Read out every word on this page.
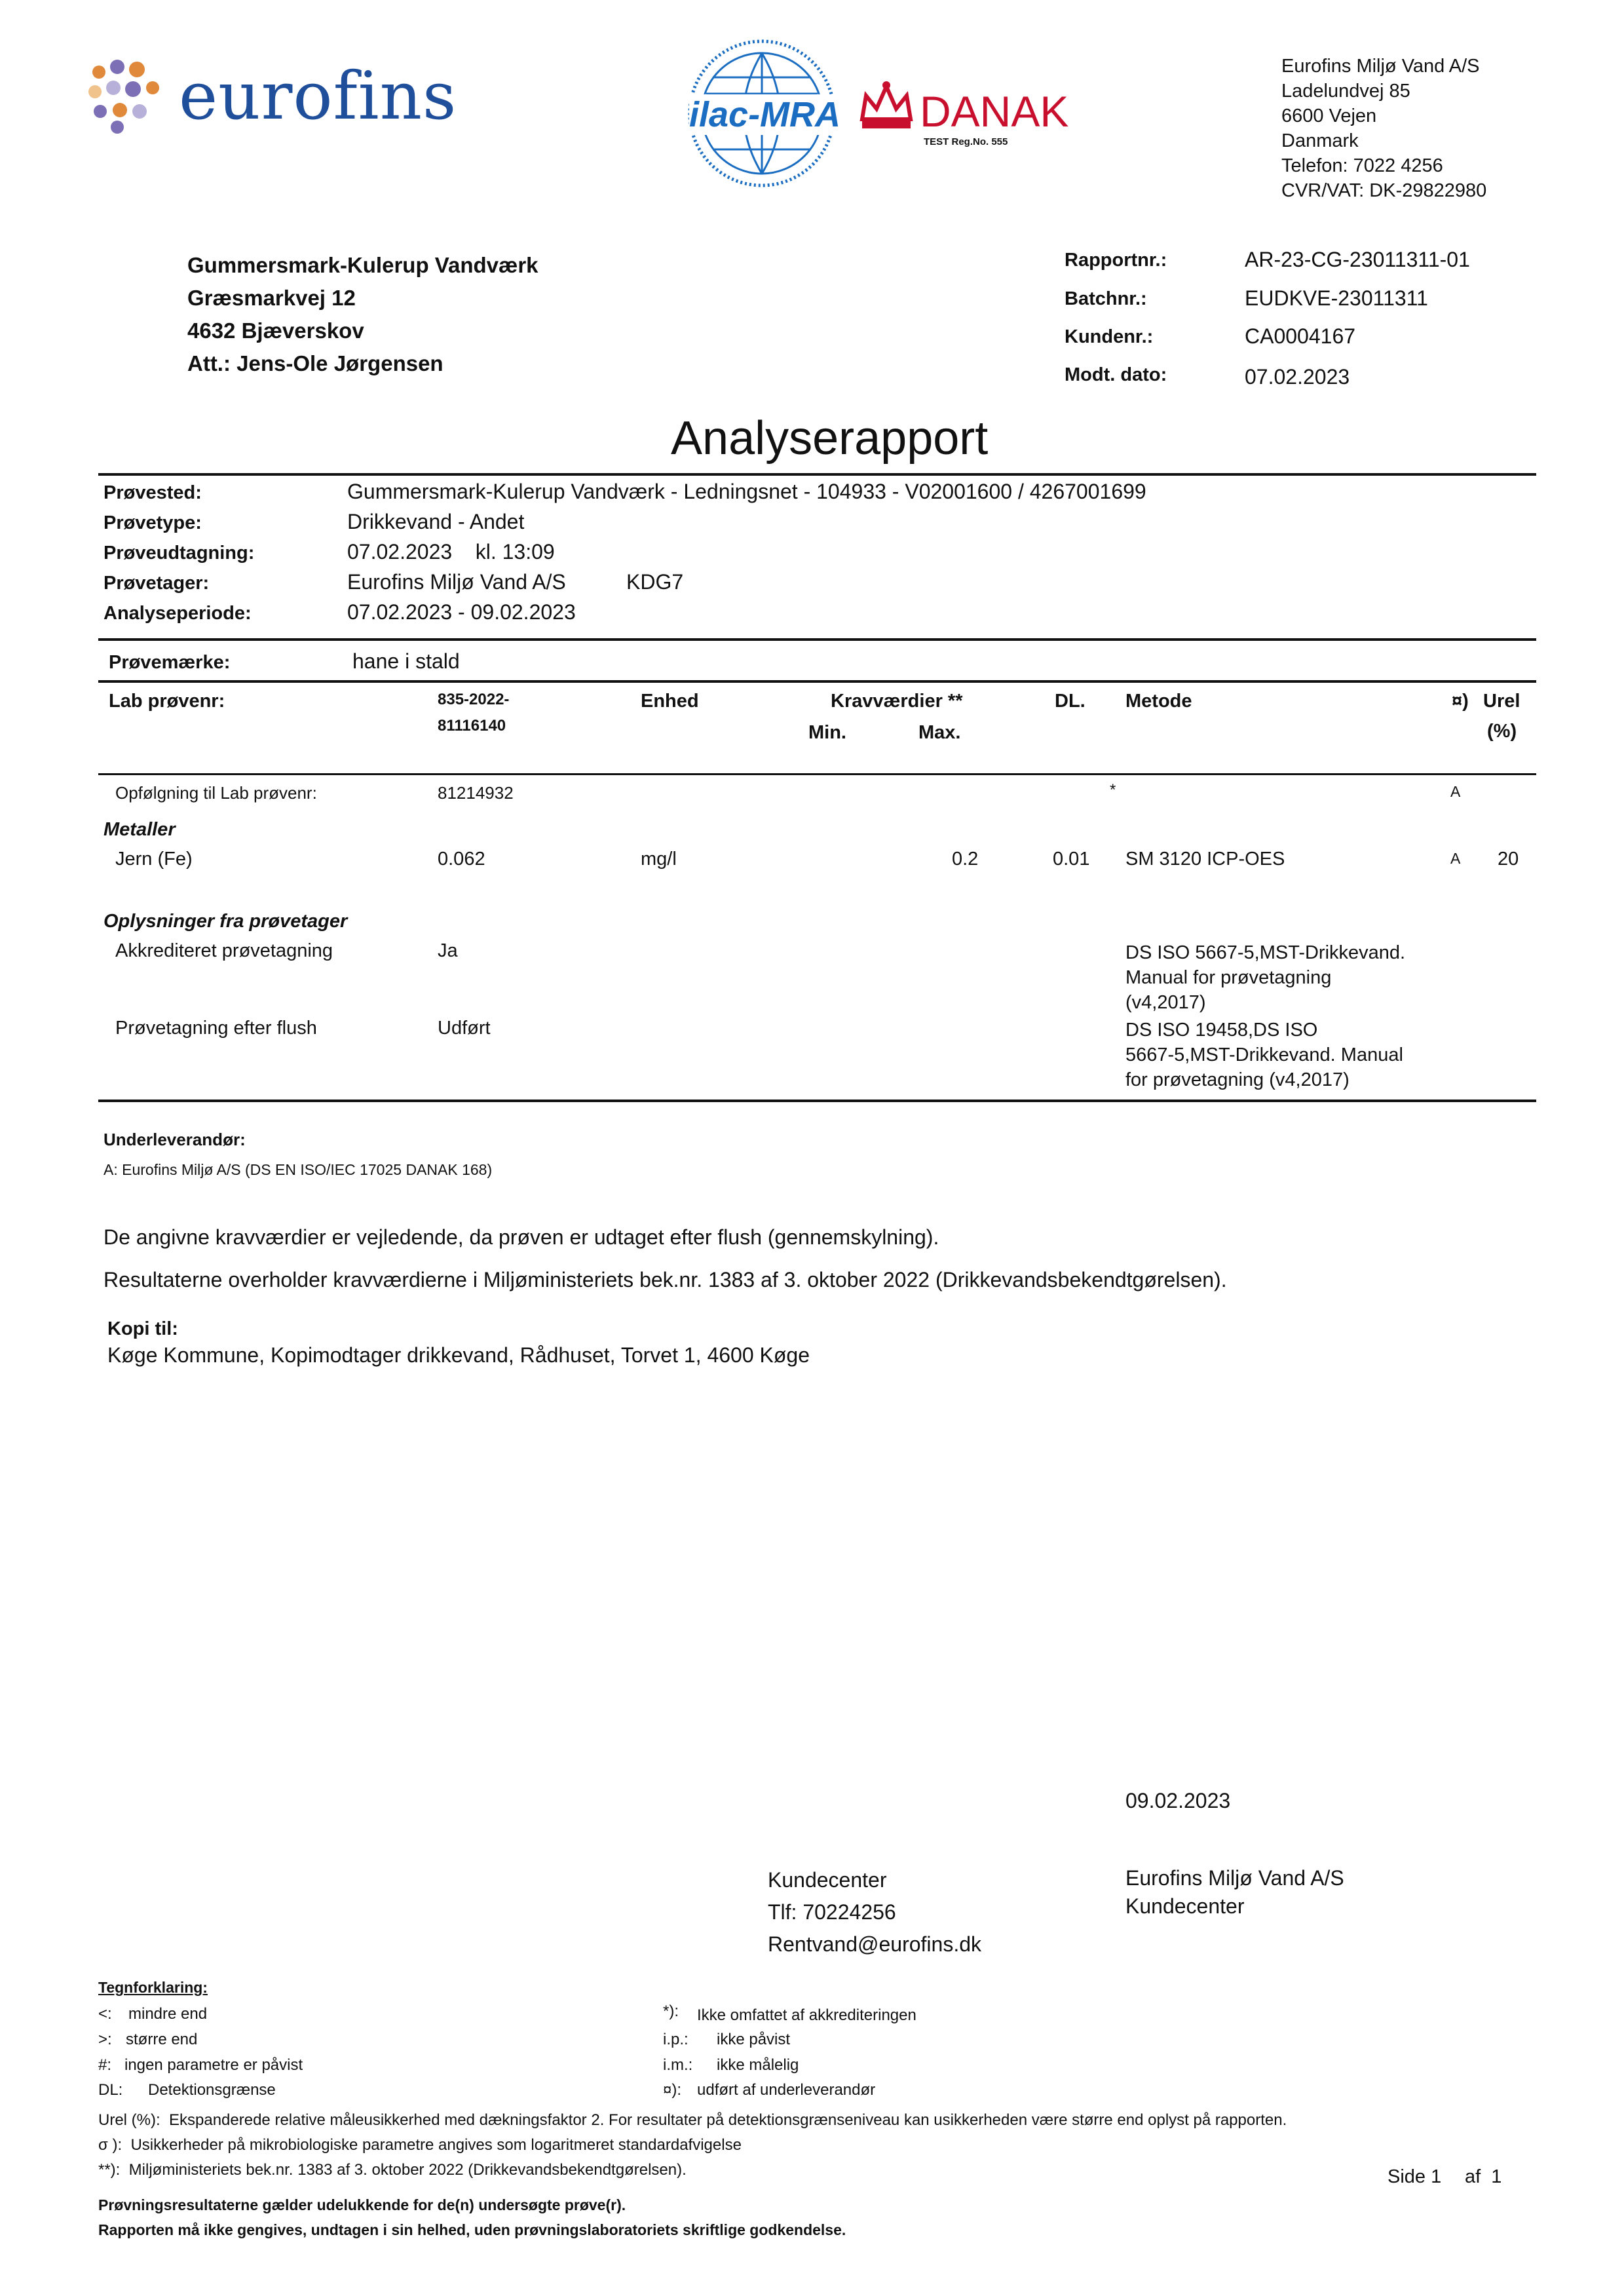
eurofins	ilac-MRA DANAK
TEST Reg.No. 555
Eurofins Miljø Vand A/S
Ladelundvej 85
6600 Vejen
Danmark
Telefon: 7022 4256
CVR/VAT: DK-29822980
Gummersmark-Kulerup Vandværk
Græsmarkvej 12
4632 Bjæverskov
Att.: Jens-Ole Jørgensen
Rapportnr.:	AR-23-CG-23011311-01
Batchnr.:	EUDKVE-23011311
Kundenr.:	CA0004167
Modt. dato:	07.02.2023
Analyserapport
Prøvested:	Gummersmark-Kulerup Vandværk - Ledningsnet - 104933 - V02001600 / 4267001699
Prøvetype:	Drikkevand - Andet
Prøveudtagning:	07.02.2023    kl. 13:09
Prøvetager:	Eurofins Miljø Vand A/S	KDG7
Analyseperiode:	07.02.2023 - 09.02.2023
Prøvemærke:	hane i stald
Lab prøvenr:	835-2022-
81116140
Enhed	Kravværdier **
Min.	Max.
DL. Metode	¤) Urel
(%)
Opfølgning til Lab prøvenr:	81214932	*	A
Metaller
Jern (Fe)	0.062	mg/l	0.2	0.01 SM 3120 ICP-OES	A 20
Oplysninger fra prøvetager
Akkrediteret prøvetagning	Ja	DS ISO 5667-5,MST-Drikkevand.
Manual for prøvetagning
(v4,2017)
Prøvetagning efter flush	Udført	DS ISO 19458,DS ISO
5667-5,MST-Drikkevand. Manual
for prøvetagning (v4,2017)
Underleverandør:
A: Eurofins Miljø A/S (DS EN ISO/IEC 17025 DANAK 168)
De angivne kravværdier er vejledende, da prøven er udtaget efter flush (gennemskylning).
Resultaterne overholder kravværdierne i Miljøministeriets bek.nr. 1383 af 3. oktober 2022 (Drikkevandsbekendtgørelsen).
Kopi til:
Køge Kommune, Kopimodtager drikkevand, Rådhuset, Torvet 1, 4600 Køge
09.02.2023
Kundecenter
Tlf: 70224256
Rentvand@eurofins.dk
Eurofins Miljø Vand A/S
Kundecenter
Tegnforklaring:
<: mindre end
>: større end
#: ingen parametre er påvist
DL: Detektionsgrænse
*): Ikke omfattet af akkrediteringen
i.p.: ikke påvist
i.m.: ikke målelig
¤): udført af underleverandør
Urel (%):  Ekspanderede relative måleusikkerhed med dækningsfaktor 2. For resultater på detektionsgrænseniveau kan usikkerheden være større end oplyst på rapporten.
σ ):  Usikkerheder på mikrobiologiske parametre angives som logaritmeret standardafvigelse
**):  Miljøministeriets bek.nr. 1383 af 3. oktober 2022 (Drikkevandsbekendtgørelsen).	Side 1 af  1
Prøvningsresultaterne gælder udelukkende for de(n) undersøgte prøve(r).
Rapporten må ikke gengives, undtagen i sin helhed, uden prøvningslaboratoriets skriftlige godkendelse.
